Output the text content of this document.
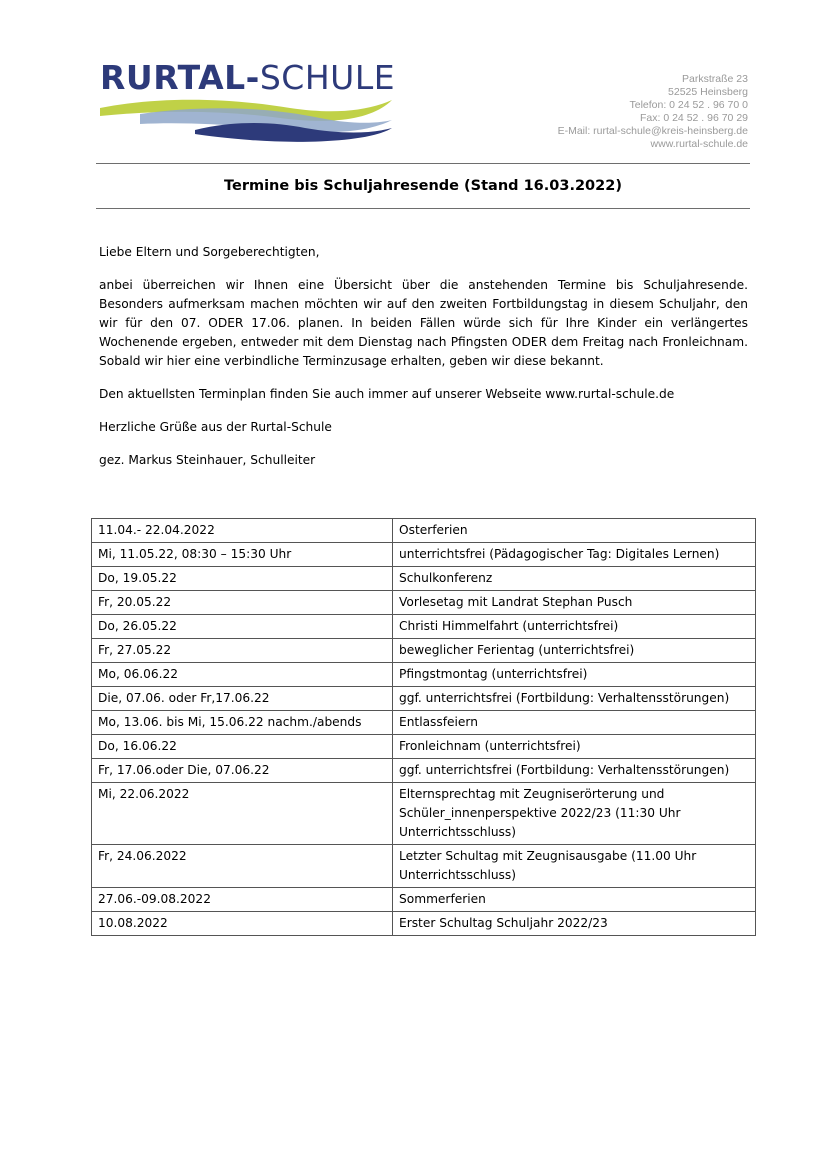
RURTAL-SCHULE	Parkstraße 23
52525 Heinsberg
Telefon: 0 24 52 . 96 70 0
Fax: 0 24 52 . 96 70 29
E-Mail: rurtal-schule@kreis-heinsberg.de
www.rurtal-schule.de
Termine bis Schuljahresende (Stand 16.03.2022)

Liebe Eltern und Sorgeberechtigten,

anbei überreichen wir Ihnen eine Übersicht über die anstehenden Termine bis Schuljahresende. Besonders aufmerksam machen möchten wir auf den zweiten Fortbildungstag in diesem Schuljahr, den wir für den 07. ODER 17.06. planen. In beiden Fällen würde sich für Ihre Kinder ein verlängertes Wochenende ergeben, entweder mit dem Dienstag nach Pfingsten ODER dem Freitag nach Fronleichnam. Sobald wir hier eine verbindliche Terminzusage erhalten, geben wir diese bekannt.

Den aktuellsten Terminplan finden Sie auch immer auf unserer Webseite www.rurtal-schule.de

Herzliche Grüße aus der Rurtal-Schule

gez. Markus Steinhauer, Schulleiter

11.04.- 22.04.2022	Osterferien
Mi, 11.05.22, 08:30 – 15:30 Uhr	unterrichtsfrei (Pädagogischer Tag: Digitales Lernen)
Do, 19.05.22	Schulkonferenz
Fr, 20.05.22	Vorlesetag mit Landrat Stephan Pusch
Do, 26.05.22	Christi Himmelfahrt (unterrichtsfrei)
Fr, 27.05.22	beweglicher Ferientag (unterrichtsfrei)
Mo, 06.06.22	Pfingstmontag (unterrichtsfrei)
Die, 07.06. oder Fr,17.06.22	ggf. unterrichtsfrei (Fortbildung: Verhaltensstörungen)
Mo, 13.06. bis Mi, 15.06.22 nachm./abends	Entlassfeiern
Do, 16.06.22	Fronleichnam (unterrichtsfrei)
Fr, 17.06.oder Die, 07.06.22	ggf. unterrichtsfrei (Fortbildung: Verhaltensstörungen)
Mi, 22.06.2022	Elternsprechtag mit Zeugniserörterung und Schüler_innenperspektive 2022/23 (11:30 Uhr Unterrichtsschluss)
Fr, 24.06.2022	Letzter Schultag mit Zeugnisausgabe (11.00 Uhr Unterrichtsschluss)
27.06.-09.08.2022	Sommerferien
10.08.2022	Erster Schultag Schuljahr 2022/23
